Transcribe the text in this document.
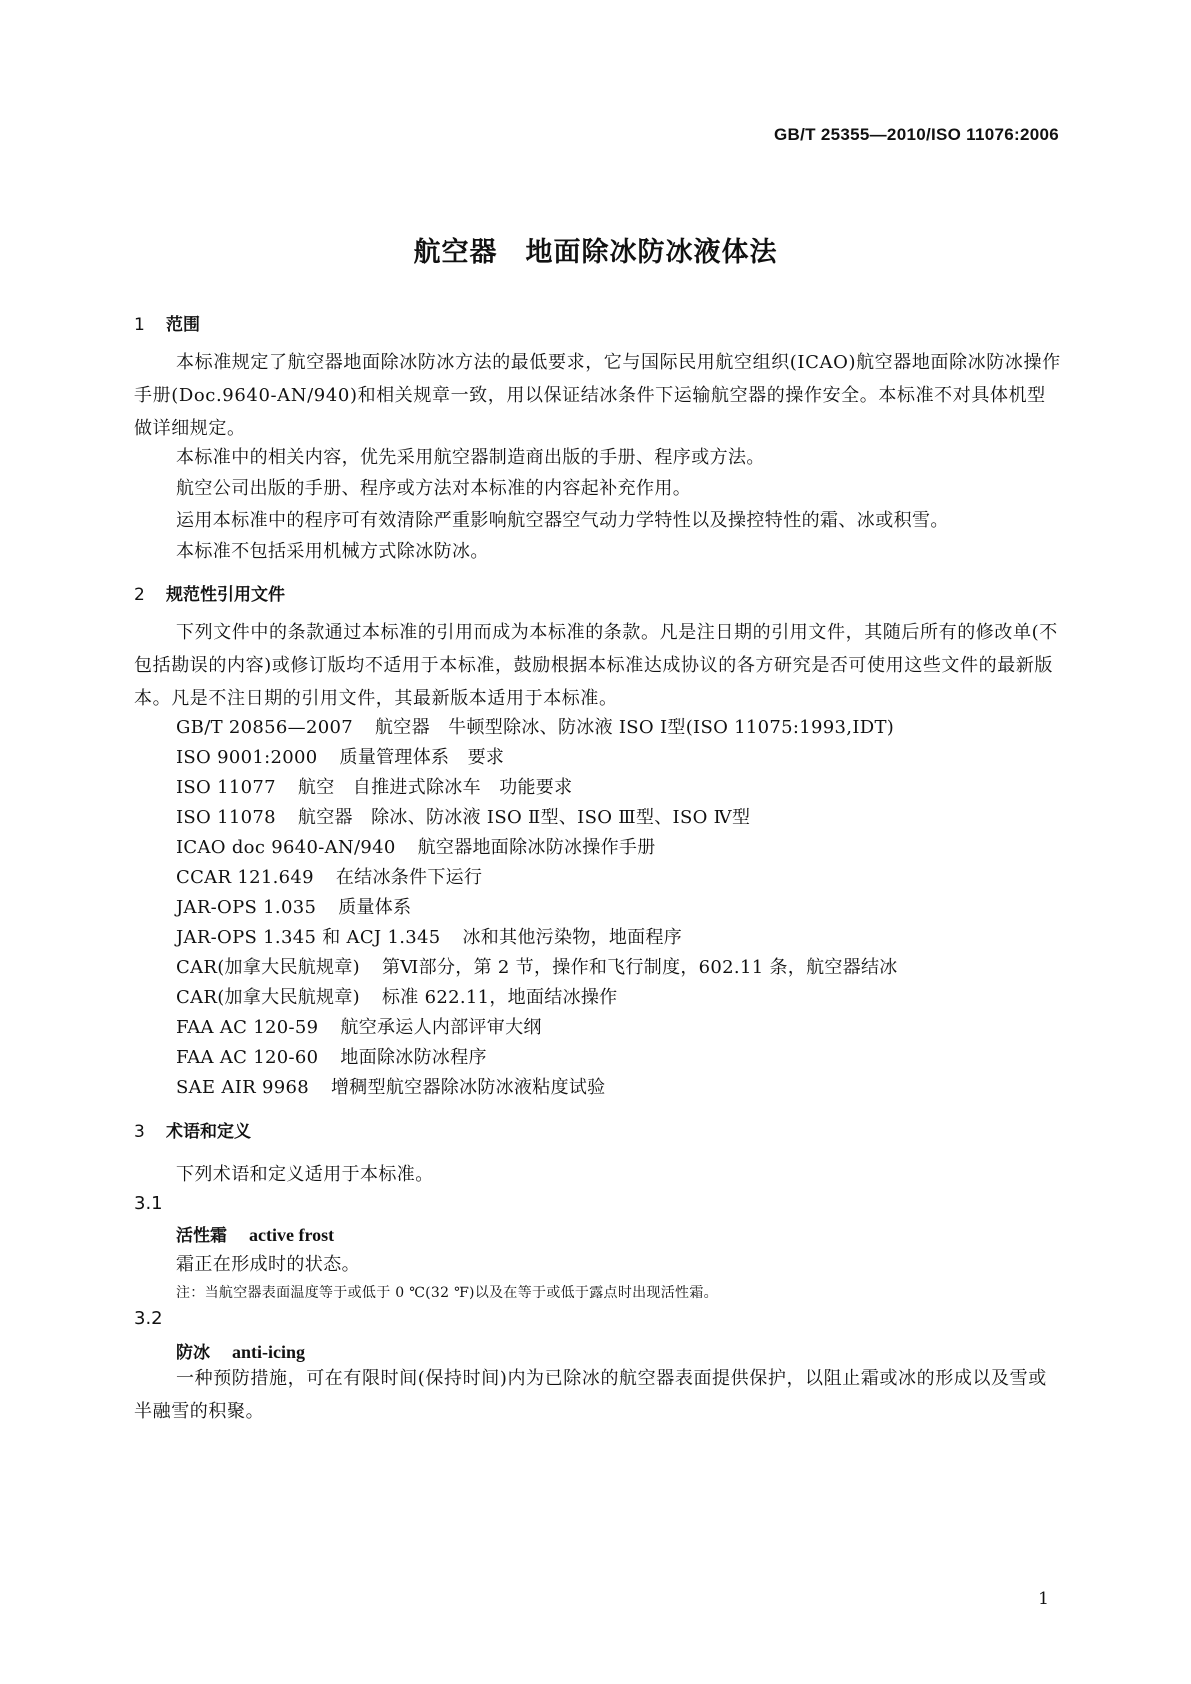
GB/T 25355—2010/ISO 11076:2006
航空器　地面除冰防冰液体法
1 范围
本标准规定了航空器地面除冰防冰方法的最低要求，它与国际民用航空组织(ICAO)航空器地面除冰防冰操作手册(Doc.9640-AN/940)和相关规章一致，用以保证结冰条件下运输航空器的操作安全。本标准不对具体机型做详细规定。
本标准中的相关内容，优先采用航空器制造商出版的手册、程序或方法。
航空公司出版的手册、程序或方法对本标准的内容起补充作用。
运用本标准中的程序可有效清除严重影响航空器空气动力学特性以及操控特性的霜、冰或积雪。
本标准不包括采用机械方式除冰防冰。
2 规范性引用文件
下列文件中的条款通过本标准的引用而成为本标准的条款。凡是注日期的引用文件，其随后所有的修改单(不包括勘误的内容)或修订版均不适用于本标准，鼓励根据本标准达成协议的各方研究是否可使用这些文件的最新版本。凡是不注日期的引用文件，其最新版本适用于本标准。
GB/T 20856—2007 航空器　牛顿型除冰、防冰液 ISO Ⅰ型(ISO 11075:1993,IDT)
ISO 9001:2000 质量管理体系　要求
ISO 11077 航空　自推进式除冰车　功能要求
ISO 11078 航空器　除冰、防冰液 ISO Ⅱ型、ISO Ⅲ型、ISO Ⅳ型
ICAO doc 9640-AN/940 航空器地面除冰防冰操作手册
CCAR 121.649 在结冰条件下运行
JAR-OPS 1.035 质量体系
JAR-OPS 1.345 和 ACJ 1.345 冰和其他污染物，地面程序
CAR(加拿大民航规章) 第Ⅵ部分，第 2 节，操作和飞行制度，602.11 条，航空器结冰
CAR(加拿大民航规章) 标准 622.11，地面结冰操作
FAA AC 120-59 航空承运人内部评审大纲
FAA AC 120-60 地面除冰防冰程序
SAE AIR 9968 增稠型航空器除冰防冰液粘度试验
3 术语和定义
下列术语和定义适用于本标准。
3.1
活性霜 active frost
霜正在形成时的状态。
注：当航空器表面温度等于或低于 0 ℃(32 ℉)以及在等于或低于露点时出现活性霜。
3.2
防冰 anti-icing
一种预防措施，可在有限时间(保持时间)内为已除冰的航空器表面提供保护，以阻止霜或冰的形成以及雪或半融雪的积聚。
1
